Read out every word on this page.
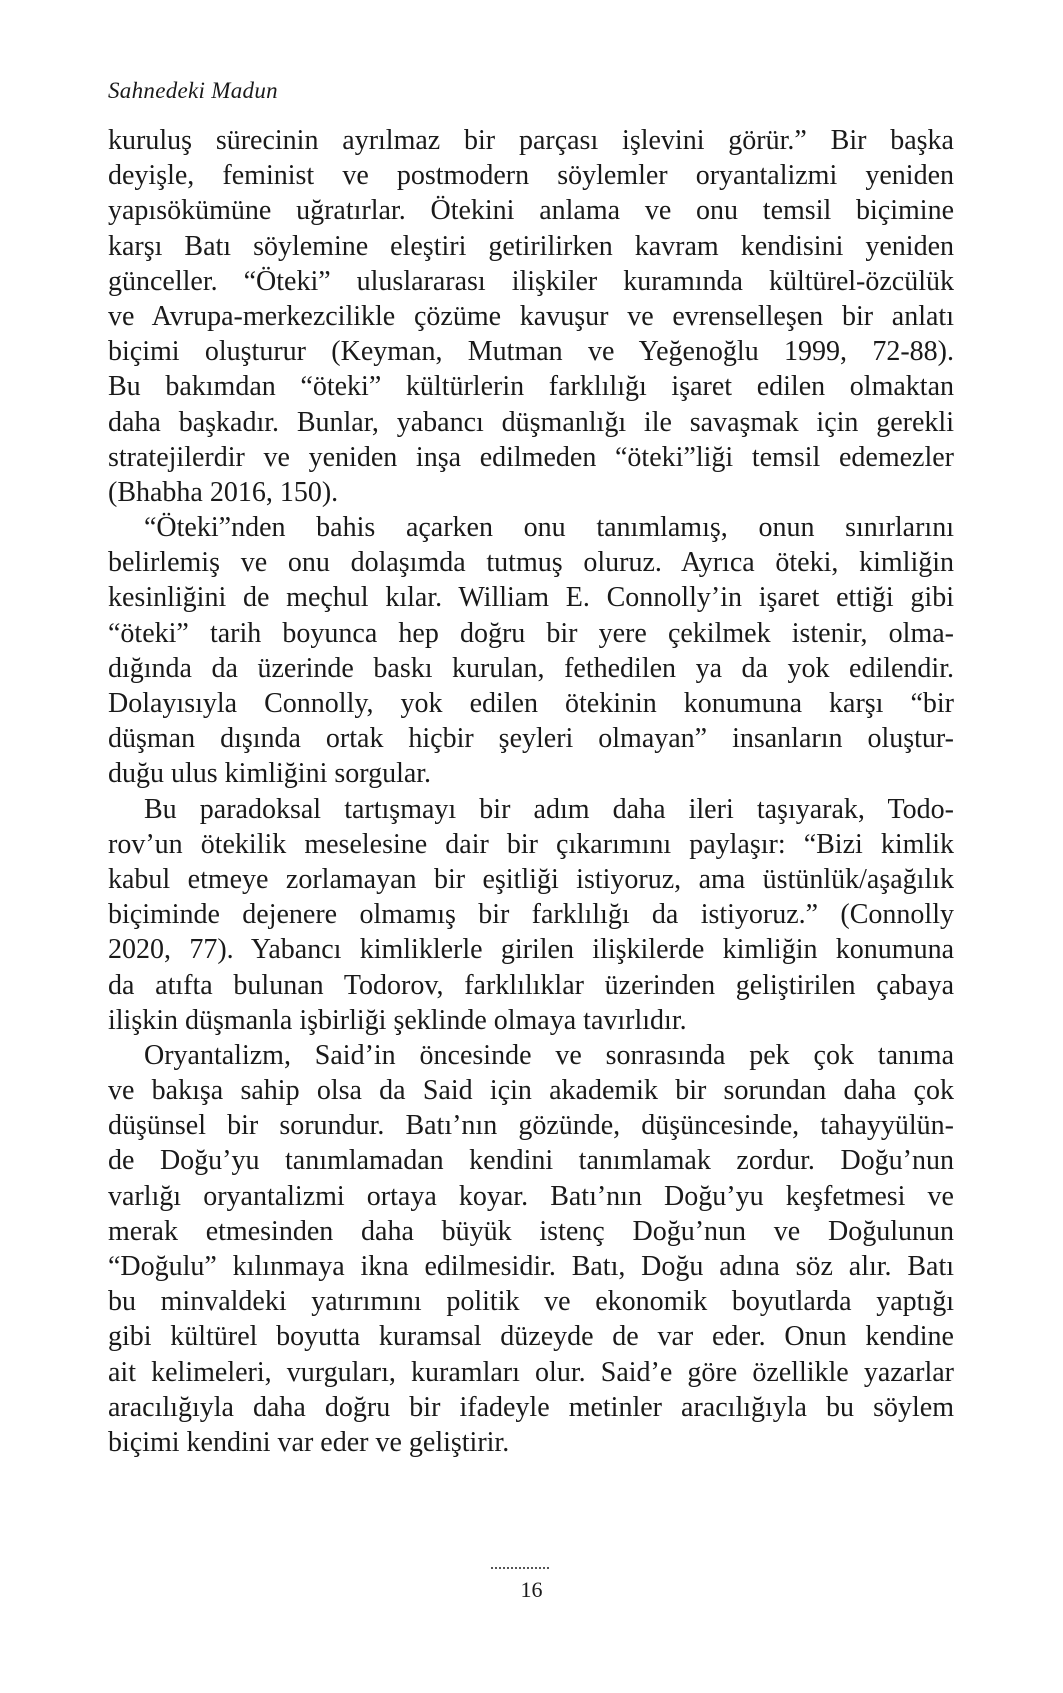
Sahnedeki Madun
kuruluş sürecinin ayrılmaz bir parçası işlevini görür.” Bir başka
deyişle, feminist ve postmodern söylemler oryantalizmi yeniden
yapısökümüne uğratırlar. Ötekini anlama ve onu temsil biçimine
karşı Batı söylemine eleştiri getirilirken kavram kendisini yeniden
günceller. “Öteki” uluslararası ilişkiler kuramında kültürel-özcülük
ve Avrupa-merkezcilikle çözüme kavuşur ve evrenselleşen bir anlatı
biçimi oluşturur (Keyman, Mutman ve Yeğenoğlu 1999, 72-88).
Bu bakımdan “öteki” kültürlerin farklılığı işaret edilen olmaktan
daha başkadır. Bunlar, yabancı düşmanlığı ile savaşmak için gerekli
stratejilerdir ve yeniden inşa edilmeden “öteki”liği temsil edemezler
(Bhabha 2016, 150).
“Öteki”nden bahis açarken onu tanımlamış, onun sınırlarını
belirlemiş ve onu dolaşımda tutmuş oluruz. Ayrıca öteki, kimliğin
kesinliğini de meçhul kılar. William E. Connolly’in işaret ettiği gibi
“öteki” tarih boyunca hep doğru bir yere çekilmek istenir, olma-
dığında da üzerinde baskı kurulan, fethedilen ya da yok edilendir.
Dolayısıyla Connolly, yok edilen ötekinin konumuna karşı “bir
düşman dışında ortak hiçbir şeyleri olmayan” insanların oluştur-
duğu ulus kimliğini sorgular.
Bu paradoksal tartışmayı bir adım daha ileri taşıyarak, Todo-
rov’un ötekilik meselesine dair bir çıkarımını paylaşır: “Bizi kimlik
kabul etmeye zorlamayan bir eşitliği istiyoruz, ama üstünlük/aşağılık
biçiminde dejenere olmamış bir farklılığı da istiyoruz.” (Connolly
2020, 77). Yabancı kimliklerle girilen ilişkilerde kimliğin konumuna
da atıfta bulunan Todorov, farklılıklar üzerinden geliştirilen çabaya
ilişkin düşmanla işbirliği şeklinde olmaya tavırlıdır.
Oryantalizm, Said’in öncesinde ve sonrasında pek çok tanıma
ve bakışa sahip olsa da Said için akademik bir sorundan daha çok
düşünsel bir sorundur. Batı’nın gözünde, düşüncesinde, tahayyülün-
de Doğu’yu tanımlamadan kendini tanımlamak zordur. Doğu’nun
varlığı oryantalizmi ortaya koyar. Batı’nın Doğu’yu keşfetmesi ve
merak etmesinden daha büyük istenç Doğu’nun ve Doğulunun
“Doğulu” kılınmaya ikna edilmesidir. Batı, Doğu adına söz alır. Batı
bu minvaldeki yatırımını politik ve ekonomik boyutlarda yaptığı
gibi kültürel boyutta kuramsal düzeyde de var eder. Onun kendine
ait kelimeleri, vurguları, kuramları olur. Said’e göre özellikle yazarlar
aracılığıyla daha doğru bir ifadeyle metinler aracılığıyla bu söylem
biçimi kendini var eder ve geliştirir.
16
